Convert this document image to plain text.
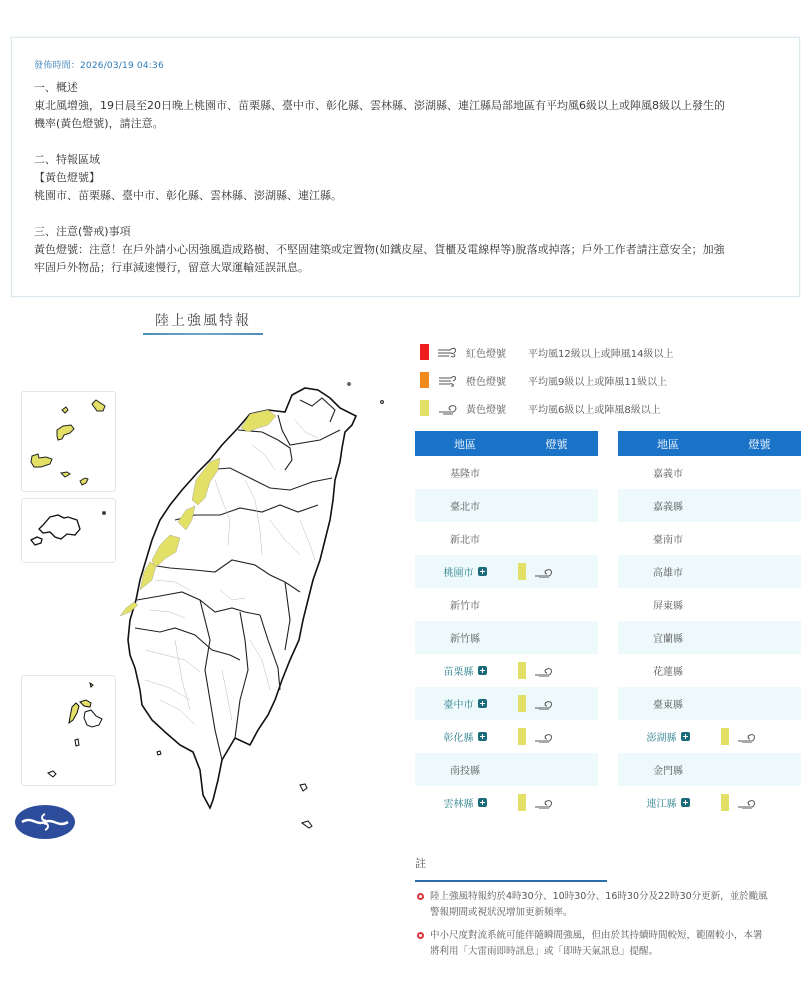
發佈時間：2026/03/19 04:36
一、概述
東北風增強，19日晨至20日晚上桃園市、苗栗縣、臺中市、彰化縣、雲林縣、澎湖縣、連江縣局部地區有平均風6級以上或陣風8級以上發生的
機率(黃色燈號)，請注意。
二、特報區域
【黃色燈號】
桃園市、苗栗縣、臺中市、彰化縣、雲林縣、澎湖縣、連江縣。
三、注意(警戒)事項
黃色燈號：注意！在戶外請小心因強風造成路樹、不堅固建築或定置物(如鐵皮屋、貨櫃及電線桿等)脫落或掉落；戶外工作者請注意安全；加強
牢固戶外物品；行車減速慢行，留意大眾運輸延誤訊息。
陸上強風特報
紅色燈號	平均風12級以上或陣風14級以上
橙色燈號	平均風9級以上或陣風11級以上
黃色燈號	平均風6級以上或陣風8級以上
地區	燈號
基隆市
臺北市
新北市
桃園市
新竹市
新竹縣
苗栗縣
臺中市
彰化縣
南投縣
雲林縣
地區	燈號
嘉義市
嘉義縣
臺南市
高雄市
屏東縣
宜蘭縣
花蓮縣
臺東縣
澎湖縣
金門縣
連江縣
註
陸上強風特報約於4時30分、10時30分、16時30分及22時30分更新，並於颱風
警報期間或視狀況增加更新頻率。
中小尺度對流系統可能伴隨瞬間強風，但由於其持續時間較短，範圍較小，本署
將利用「大雷雨即時訊息」或「即時天氣訊息」提醒。
